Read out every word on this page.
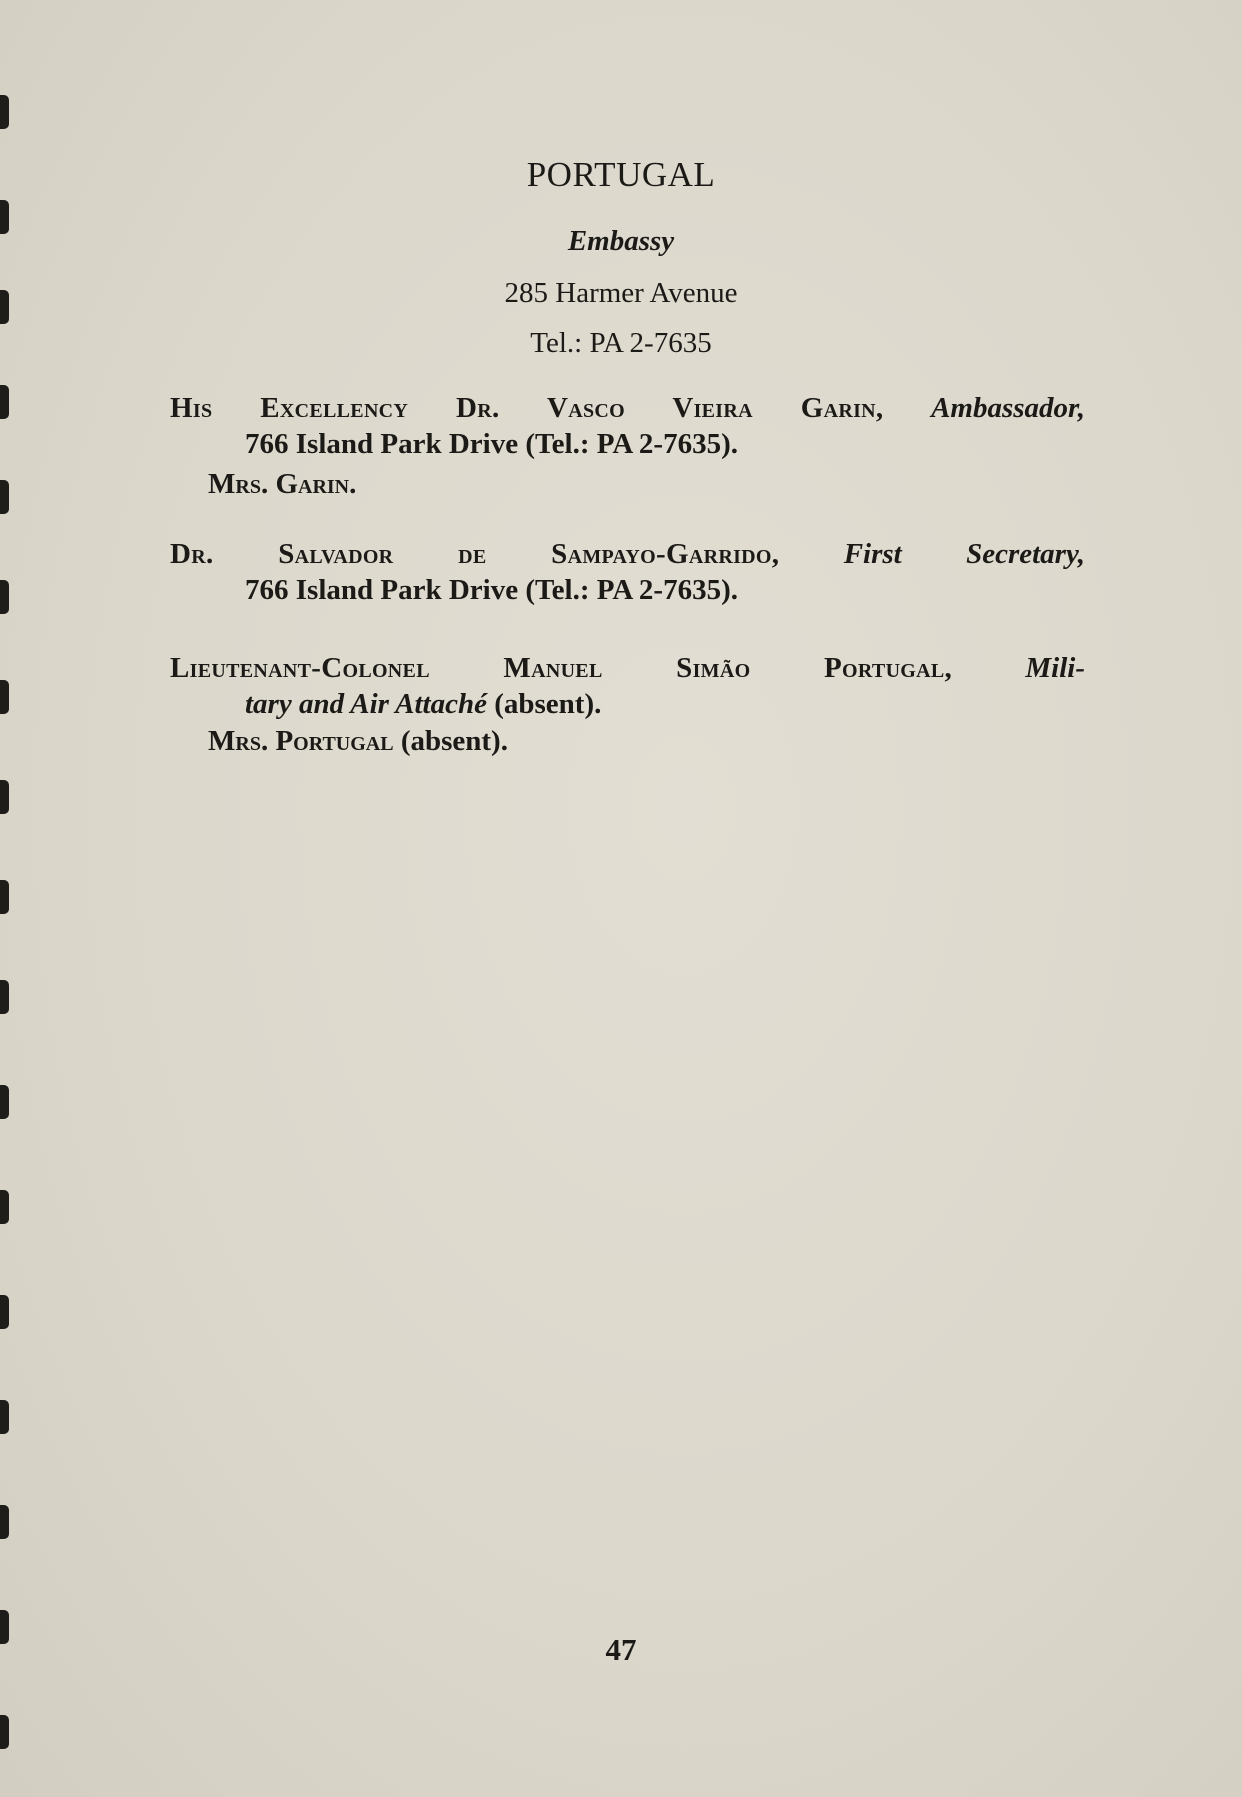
PORTUGAL
Embassy
285 Harmer Avenue
Tel.: PA 2-7635
His Excellency Dr. Vasco Vieira Garin, Ambassador,
766 Island Park Drive (Tel.: PA 2-7635).
Mrs. Garin.
Dr. Salvador de Sampayo-Garrido, First Secretary,
766 Island Park Drive (Tel.: PA 2-7635).
Lieutenant-Colonel Manuel Simão Portugal,	Mili-
tary and Air Attaché (absent).
Mrs. Portugal (absent).
47
